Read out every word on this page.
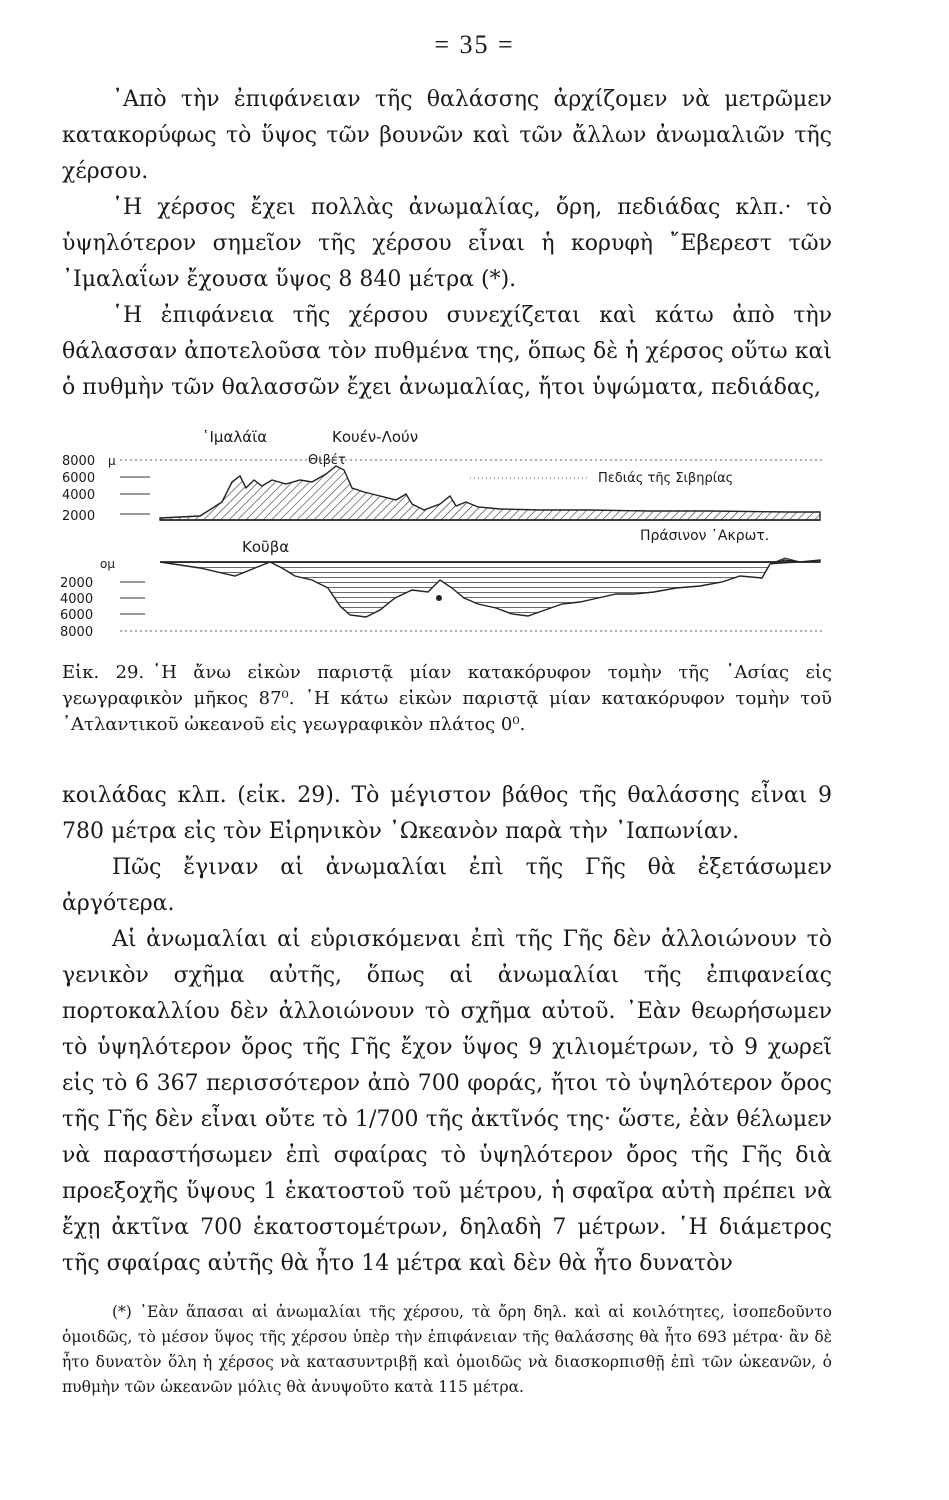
= 35 =

᾿Απὸ τὴν ἐπιφάνειαν τῆς θαλάσσης ἀρχίζομεν νὰ μετρῶμεν κατακορύφως τὸ ὕψος τῶν βουνῶν καὶ τῶν ἄλλων ἀνωμαλιῶν τῆς χέρσου.

῾Η χέρσος ἔχει πολλὰς ἀνωμαλίας, ὄρη, πεδιάδας κλπ.· τὸ ὑψηλότερον σημεῖον τῆς χέρσου εἶναι ἡ κορυφὴ ῎Εβερεστ τῶν ᾿Ιμαλαΐων ἔχουσα ὕψος 8 840 μέτρα (*).

῾Η ἐπιφάνεια τῆς χέρσου συνεχίζεται καὶ κάτω ἀπὸ τὴν θάλασσαν ἀποτελοῦσα τὸν πυθμένα της, ὅπως δὲ ἡ χέρσος οὕτω καὶ ὁ πυθμὴν τῶν θαλασσῶν ἔχει ἀνωμαλίας, ἤτοι ὑψώματα, πεδιάδας,

8000 μ
6000
4000
2000
῾Ιμαλάϊα	Κουέν-Λούν
Θιβέτ
Πεδιάς τῆς Σιβηρίας
Πράσινον ᾿Ακρωτ.
Κοῦβα
ομ
2000
4000
6000
8000
Εἰκ. 29. ῾Η ἄνω εἰκὼν παριστᾷ μίαν κατακόρυφον τομὴν τῆς ᾿Ασίας εἰς γεωγραφικὸν μῆκος 87⁰. ῾Η κάτω εἰκὼν παριστᾷ μίαν κατακόρυφον τομὴν τοῦ ᾿Ατλαντικοῦ ὠκεανοῦ εἰς γεωγραφικὸν πλάτος 0⁰.

κοιλάδας κλπ. (εἰκ. 29). Τὸ μέγιστον βάθος τῆς θαλάσσης εἶναι 9 780 μέτρα εἰς τὸν Εἰρηνικὸν ᾿Ωκεανὸν παρὰ τὴν ᾿Ιαπωνίαν.

Πῶς ἔγιναν αἱ ἀνωμαλίαι ἐπὶ τῆς Γῆς θὰ ἐξετάσωμεν ἀργότερα.

Αἱ ἀνωμαλίαι αἱ εὑρισκόμεναι ἐπὶ τῆς Γῆς δὲν ἀλλοιώνουν τὸ γενικὸν σχῆμα αὐτῆς, ὅπως αἱ ἀνωμαλίαι τῆς ἐπιφανείας πορτοκαλλίου δὲν ἀλλοιώνουν τὸ σχῆμα αὐτοῦ. ᾿Εὰν θεωρήσωμεν τὸ ὑψηλότερον ὄρος τῆς Γῆς ἔχον ὕψος 9 χιλιομέτρων, τὸ 9 χωρεῖ εἰς τὸ 6 367 περισσότερον ἀπὸ 700 φοράς, ἤτοι τὸ ὑψηλότερον ὄρος τῆς Γῆς δὲν εἶναι οὔτε τὸ 1/700 τῆς ἀκτῖνός της· ὥστε, ἐὰν θέλωμεν νὰ παραστήσωμεν ἐπὶ σφαίρας τὸ ὑψηλότερον ὄρος τῆς Γῆς διὰ προεξοχῆς ὕψους 1 ἑκατοστοῦ τοῦ μέτρου, ἡ σφαῖρα αὐτὴ πρέπει νὰ ἔχῃ ἀκτῖνα 700 ἑκατοστομέτρων, δηλαδὴ 7 μέτρων. ῾Η διάμετρος τῆς σφαίρας αὐτῆς θὰ ἦτο 14 μέτρα καὶ δὲν θὰ ἦτο δυνατὸν

(*) ᾿Εὰν ἅπασαι αἱ ἀνωμαλίαι τῆς χέρσου, τὰ ὄρη δηλ. καὶ αἱ κοιλότητες, ἰσοπεδοῦντο ὁμοιδῶς, τὸ μέσον ὕψος τῆς χέρσου ὑπὲρ τὴν ἐπιφάνειαν τῆς θαλάσσης θὰ ἦτο 693 μέτρα· ἂν δὲ ἦτο δυνατὸν ὅλη ἡ χέρσος νὰ κατασυντριβῇ καὶ ὁμοιδῶς νὰ διασκορπισθῇ ἐπὶ τῶν ὠκεανῶν, ὁ πυθμὴν τῶν ὠκεανῶν μόλις θὰ ἀνυψοῦτο κατὰ 115 μέτρα.
